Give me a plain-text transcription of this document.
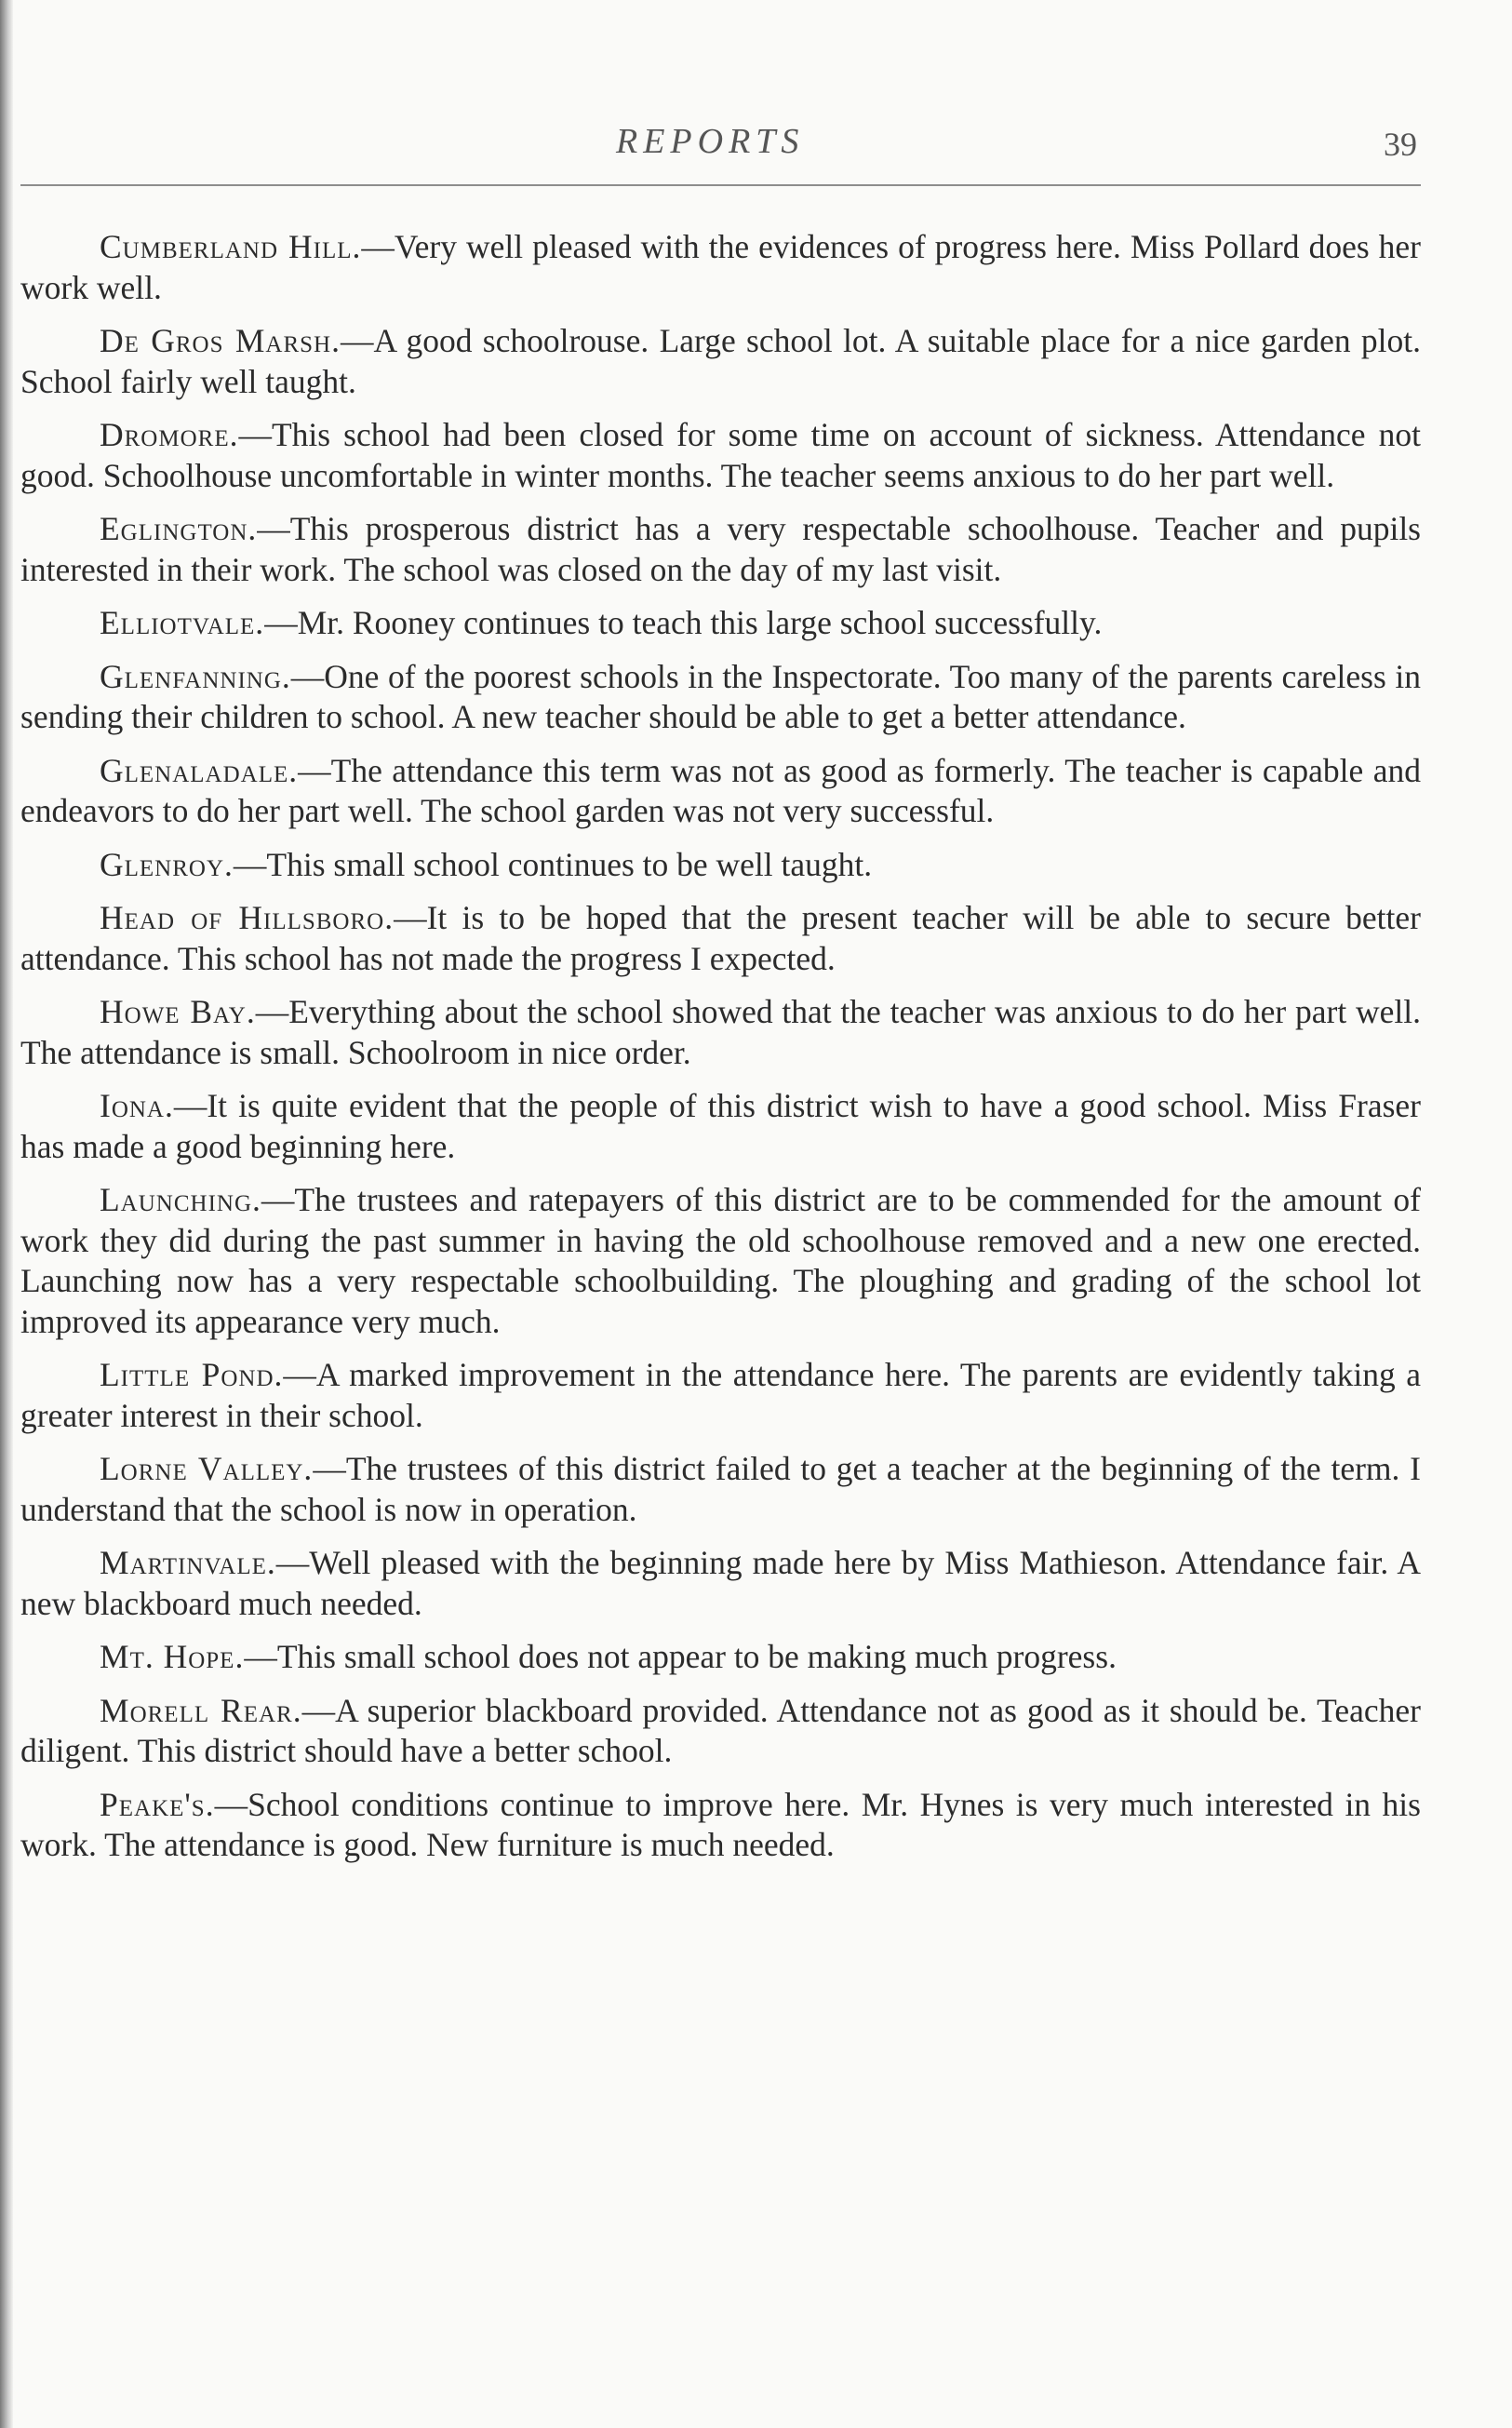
REPORTS	39

Cumberland Hill.—Very well pleased with the evidences of progress here. Miss Pollard does her work well.

De Gros Marsh.—A good schoolrouse. Large school lot. A suitable place for a nice garden plot. School fairly well taught.

Dromore.—This school had been closed for some time on account of sickness. Attendance not good. Schoolhouse uncomfortable in winter months. The teacher seems anxious to do her part well.

Eglington.—This prosperous district has a very respectable schoolhouse. Teacher and pupils interested in their work. The school was closed on the day of my last visit.

Elliotvale.—Mr. Rooney continues to teach this large school successfully.

Glenfanning.—One of the poorest schools in the Inspectorate. Too many of the parents careless in sending their children to school. A new teacher should be able to get a better attendance.

Glenaladale.—The attendance this term was not as good as formerly. The teacher is capable and endeavors to do her part well. The school garden was not very successful.

Glenroy.—This small school continues to be well taught.

Head of Hillsboro.—It is to be hoped that the present teacher will be able to secure better attendance. This school has not made the progress I expected.

Howe Bay.—Everything about the school showed that the teacher was anxious to do her part well. The attendance is small. Schoolroom in nice order.

Iona.—It is quite evident that the people of this district wish to have a good school. Miss Fraser has made a good beginning here.

Launching.—The trustees and ratepayers of this district are to be commended for the amount of work they did during the past summer in having the old schoolhouse removed and a new one erected. Launching now has a very respectable schoolbuilding. The ploughing and grading of the school lot improved its appearance very much.

Little Pond.—A marked improvement in the attendance here. The parents are evidently taking a greater interest in their school.

Lorne Valley.—The trustees of this district failed to get a teacher at the beginning of the term. I understand that the school is now in operation.

Martinvale.—Well pleased with the beginning made here by Miss Mathieson. Attendance fair. A new blackboard much needed.

Mt. Hope.—This small school does not appear to be making much progress.

Morell Rear.—A superior blackboard provided. Attendance not as good as it should be. Teacher diligent. This district should have a better school.

Peake's.—School conditions continue to improve here. Mr. Hynes is very much interested in his work. The attendance is good. New furniture is much needed.
